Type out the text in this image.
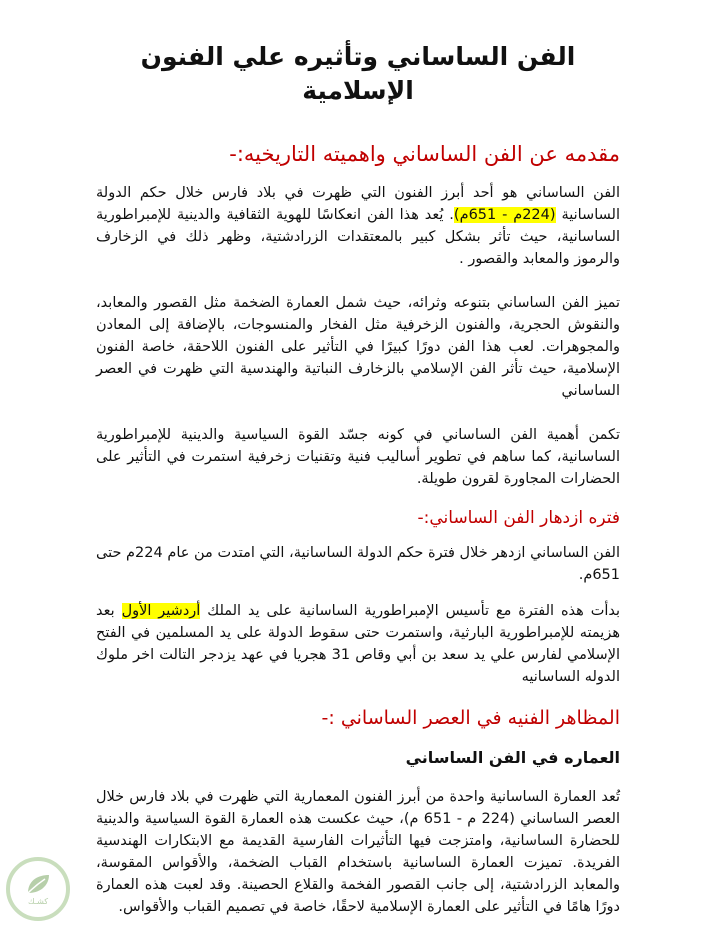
الفن الساساني وتأثيره علي الفنون الإسلامية
مقدمه عن الفن الساساني واهميته التاريخيه:-

الفن الساساني هو أحد أبرز الفنون التي ظهرت في بلاد فارس خلال حكم الدولة الساسانية (224م - 651م). يُعد هذا الفن انعكاسًا للهوية الثقافية والدينية للإمبراطورية الساسانية، حيث تأثر بشكل كبير بالمعتقدات الزرادشتية، وظهر ذلك في الزخارف والرموز والمعابد والقصور .

تميز الفن الساساني بتنوعه وثرائه، حيث شمل العمارة الضخمة مثل القصور والمعابد، والنقوش الحجرية، والفنون الزخرفية مثل الفخار والمنسوجات، بالإضافة إلى المعادن والمجوهرات. لعب هذا الفن دورًا كبيرًا في التأثير على الفنون اللاحقة، خاصة الفنون الإسلامية، حيث تأثر الفن الإسلامي بالزخارف النباتية والهندسية التي ظهرت في العصر الساساني

تكمن أهمية الفن الساساني في كونه جسّد القوة السياسية والدينية للإمبراطورية الساسانية، كما ساهم في تطوير أساليب فنية وتقنيات زخرفية استمرت في التأثير على الحضارات المجاورة لقرون طويلة.

فتره ازدهار الفن الساساني:-

الفن الساساني ازدهر خلال فترة حكم الدولة الساسانية، التي امتدت من عام 224م حتى 651م.

بدأت هذه الفترة مع تأسيس الإمبراطورية الساسانية على يد الملك أردشير الأول بعد هزيمته للإمبراطورية البارثية، واستمرت حتى سقوط الدولة على يد المسلمين في الفتح الإسلامي لفارس علي يد سعد بن أبي وقاص 31 هجريا في عهد يزدجر التالت اخر ملوك الدوله الساسانيه

المظاهر الفنيه في العصر الساساني :-
العماره في الفن الساساني

تُعد العمارة الساسانية واحدة من أبرز الفنون المعمارية التي ظهرت في بلاد فارس خلال العصر الساساني (224 م - 651 م)، حيث عكست هذه العمارة القوة السياسية والدينية للحضارة الساسانية، وامتزجت فيها التأثيرات الفارسية القديمة مع الابتكارات الهندسية الفريدة. تميزت العمارة الساسانية باستخدام القباب الضخمة، والأقواس المقوسة، والمعابد الزرادشتية، إلى جانب القصور الفخمة والقلاع الحصينة. وقد لعبت هذه العمارة دورًا هامًا في التأثير على العمارة الإسلامية لاحقًا، خاصة في تصميم القباب والأقواس.

كشـك
